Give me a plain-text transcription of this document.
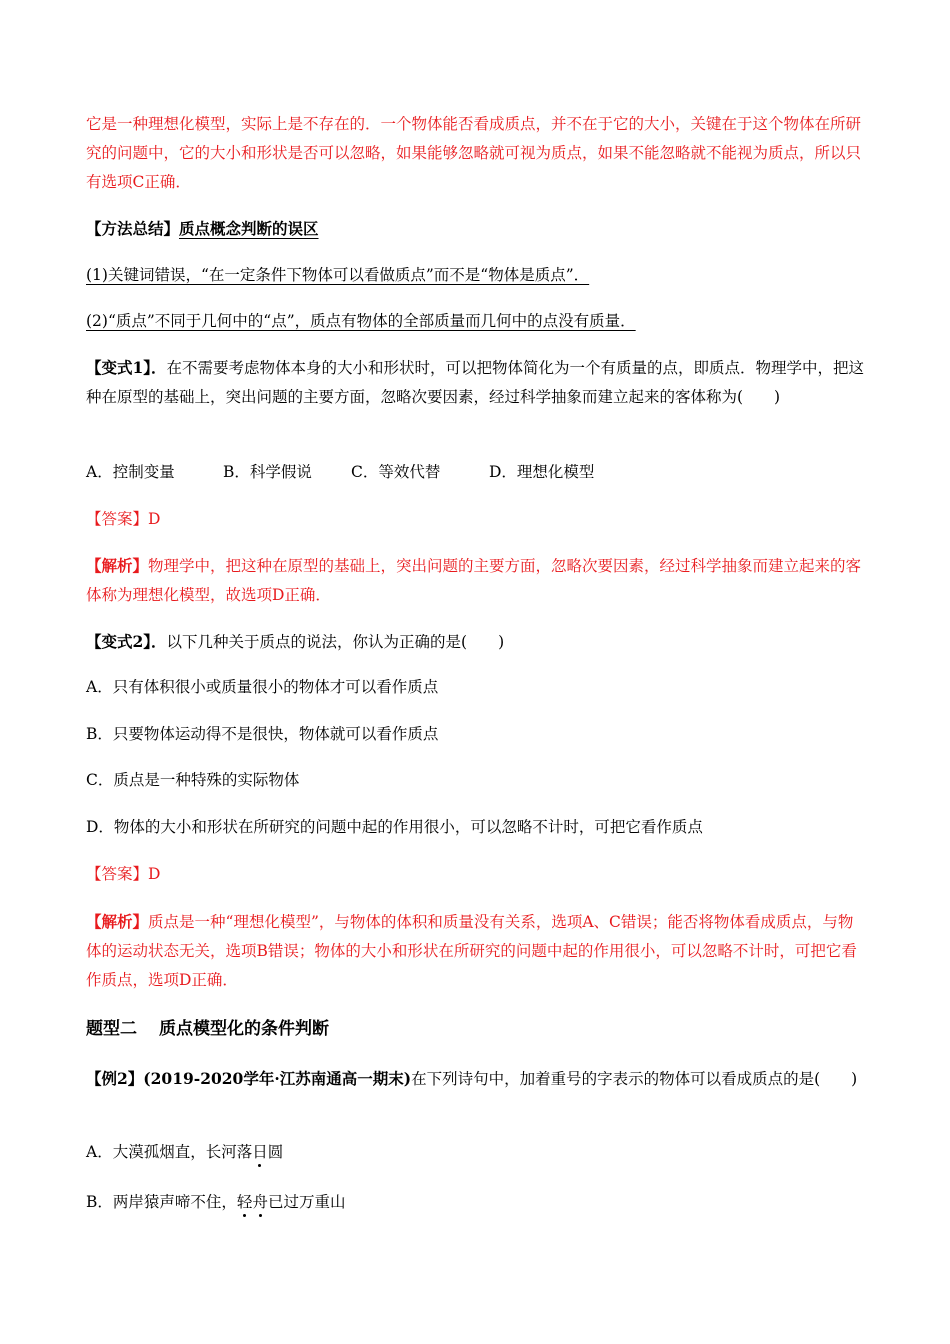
它是一种理想化模型，实际上是不存在的．一个物体能否看成质点，并不在于它的大小，关键在于这个物体在所研究的问题中，它的大小和形状是否可以忽略，如果能够忽略就可视为质点，如果不能忽略就不能视为质点，所以只有选项C正确．

【方法总结】质点概念判断的误区

(1)关键词错误，“在一定条件下物体可以看做质点”而不是“物体是质点”．

(2)“质点”不同于几何中的“点”，质点有物体的全部质量而几何中的点没有质量．

【变式1】．在不需要考虑物体本身的大小和形状时，可以把物体简化为一个有质量的点，即质点．物理学中，把这种在原型的基础上，突出问题的主要方面，忽略次要因素，经过科学抽象而建立起来的客体称为(　　)

A．控制变量	B．科学假说	C．等效代替	D．理想化模型

【答案】D

【解析】物理学中，把这种在原型的基础上，突出问题的主要方面，忽略次要因素，经过科学抽象而建立起来的客体称为理想化模型，故选项D正确．

【变式2】．以下几种关于质点的说法，你认为正确的是(　　)

A．只有体积很小或质量很小的物体才可以看作质点

B．只要物体运动得不是很快，物体就可以看作质点

C．质点是一种特殊的实际物体

D．物体的大小和形状在所研究的问题中起的作用很小，可以忽略不计时，可把它看作质点

【答案】D

【解析】质点是一种“理想化模型”，与物体的体积和质量没有关系，选项A、C错误；能否将物体看成质点，与物体的运动状态无关，选项B错误；物体的大小和形状在所研究的问题中起的作用很小，可以忽略不计时，可把它看作质点，选项D正确．

题型二 质点模型化的条件判断

【例2】(2019-2020学年·江苏南通高一期末)在下列诗句中，加着重号的字表示的物体可以看成质点的是(　　)

A．大漠孤烟直，长河落日圆

B．两岸猿声啼不住，轻舟已过万重山
